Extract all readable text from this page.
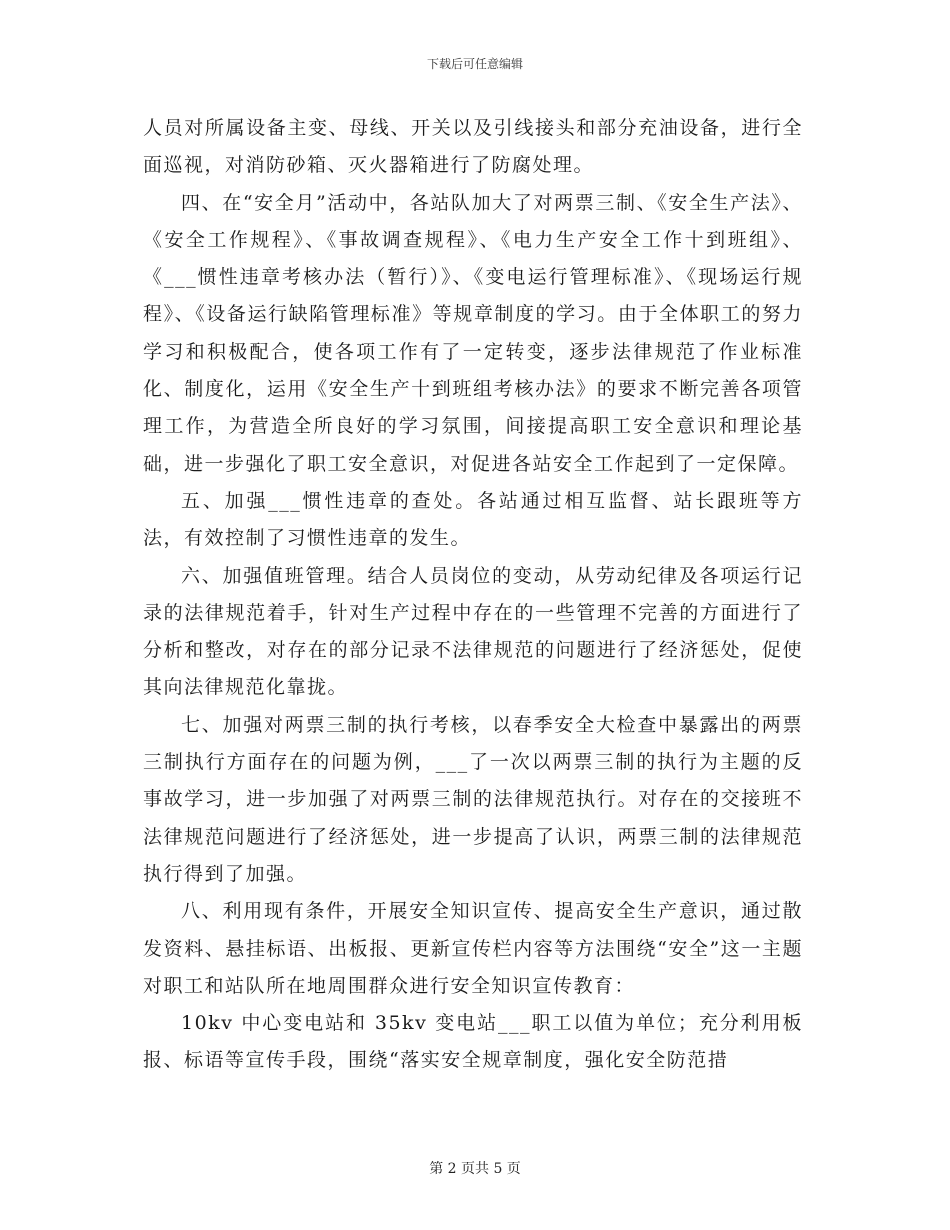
下载后可任意编辑

人员对所属设备主变、母线、开关以及引线接头和部分充油设备，进行全面巡视，对消防砂箱、灭火器箱进行了防腐处理。

四、在“安全月”活动中，各站队加大了对两票三制、《安全生产法》、《安全工作规程》、《事故调查规程》、《电力生产安全工作十到班组》、《___惯性违章考核办法（暂行）》、《变电运行管理标准》、《现场运行规程》、《设备运行缺陷管理标准》等规章制度的学习。由于全体职工的努力学习和积极配合，使各项工作有了一定转变，逐步法律规范了作业标准化、制度化，运用《安全生产十到班组考核办法》的要求不断完善各项管理工作，为营造全所良好的学习氛围，间接提高职工安全意识和理论基础，进一步强化了职工安全意识，对促进各站安全工作起到了一定保障。

五、加强___惯性违章的查处。各站通过相互监督、站长跟班等方法，有效控制了习惯性违章的发生。

六、加强值班管理。结合人员岗位的变动，从劳动纪律及各项运行记录的法律规范着手，针对生产过程中存在的一些管理不完善的方面进行了分析和整改，对存在的部分记录不法律规范的问题进行了经济惩处，促使其向法律规范化靠拢。

七、加强对两票三制的执行考核，以春季安全大检查中暴露出的两票三制执行方面存在的问题为例，___了一次以两票三制的执行为主题的反事故学习，进一步加强了对两票三制的法律规范执行。对存在的交接班不法律规范问题进行了经济惩处，进一步提高了认识，两票三制的法律规范执行得到了加强。

八、利用现有条件，开展安全知识宣传、提高安全生产意识，通过散发资料、悬挂标语、出板报、更新宣传栏内容等方法围绕“安全”这一主题对职工和站队所在地周围群众进行安全知识宣传教育：

10kv 中心变电站和 35kv 变电站___职工以值为单位；充分利用板报、标语等宣传手段，围绕“落实安全规章制度，强化安全防范措

第 2 页共 5 页
